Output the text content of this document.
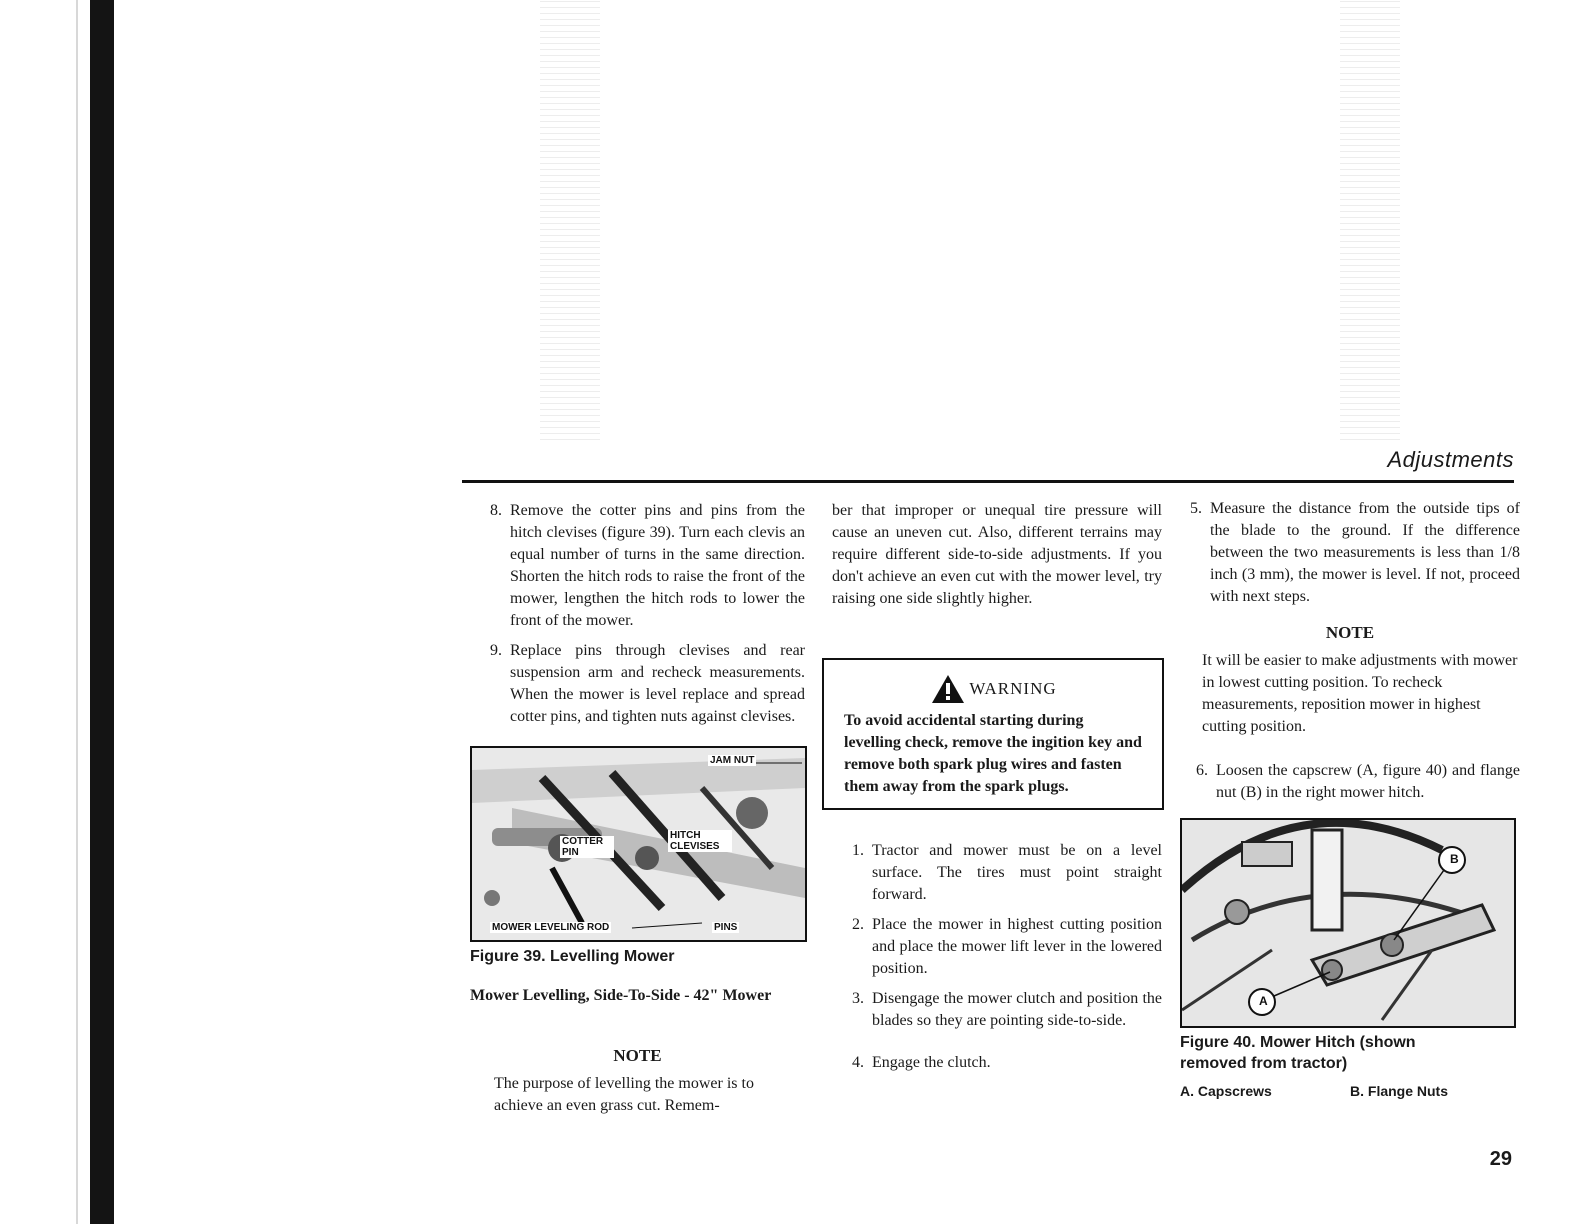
Adjustments
8. Remove the cotter pins and pins from the hitch clevises (figure 39). Turn each clevis an equal number of turns in the same direction. Shorten the hitch rods to raise the front of the mower, lengthen the hitch rods to lower the front of the mower.
9. Replace pins through clevises and rear suspension arm and recheck measurements. When the mower is level replace and spread cotter pins, and tighten nuts against clevises.
JAM NUT
HITCH CLEVISES
COTTER PIN
MOWER LEVELING ROD	PINS

Figure 39. Levelling Mower

Mower Levelling, Side-To-Side - 42" Mower

NOTE

The purpose of levelling the mower is to achieve an even grass cut. Remem-

ber that improper or unequal tire pressure will cause an uneven cut. Also, different terrains may require different side-to-side adjustments. If you don't achieve an even cut with the mower level, try raising one side slightly higher.

WARNING

To avoid accidental starting during levelling check, remove the ingition key and remove both spark plug wires and fasten them away from the spark plugs.

1. Tractor and mower must be on a level surface. The tires must point straight forward.
2. Place the mower in highest cutting position and place the mower lift lever in the lowered position.
3. Disengage the mower clutch and position the blades so they are pointing side-to-side.
4. Engage the clutch.
5. Measure the distance from the outside tips of the blade to the ground. If the difference between the two measurements is less than 1/8 inch (3 mm), the mower is level. If not, proceed with next steps.

NOTE

It will be easier to make adjustments with mower in lowest cutting position. To recheck measurements, reposition mower in highest cutting position.

6. Loosen the capscrew (A, figure 40) and flange nut (B) in the right mower hitch.
B
A

Figure 40. Mower Hitch (shown removed from tractor)

A. Capscrews	B. Flange Nuts
29
